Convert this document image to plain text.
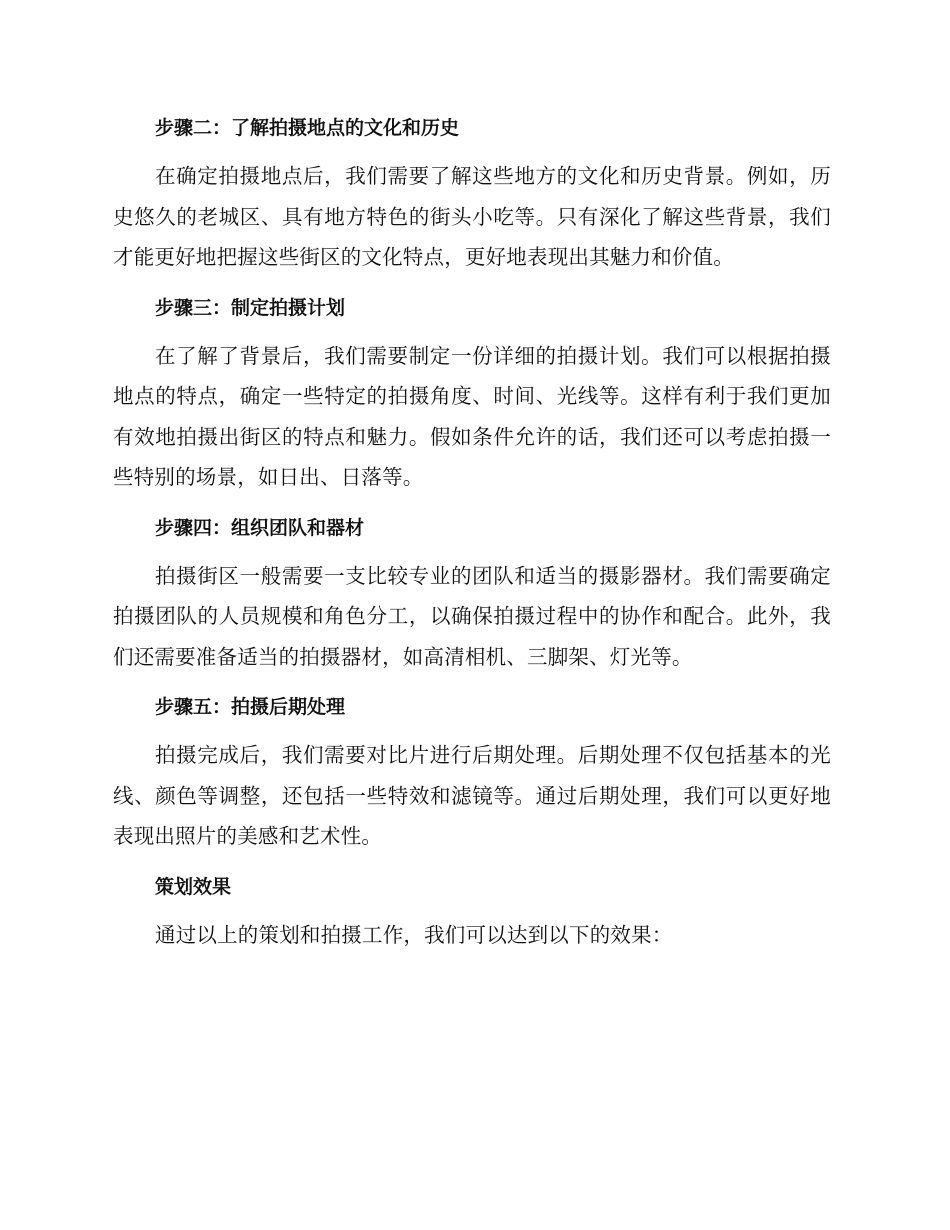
步骤二：了解拍摄地点的文化和历史

在确定拍摄地点后，我们需要了解这些地方的文化和历史背景。例如，历史悠久的老城区、具有地方特色的街头小吃等。只有深化了解这些背景，我们才能更好地把握这些街区的文化特点，更好地表现出其魅力和价值。

步骤三：制定拍摄计划

在了解了背景后，我们需要制定一份详细的拍摄计划。我们可以根据拍摄地点的特点，确定一些特定的拍摄角度、时间、光线等。这样有利于我们更加有效地拍摄出街区的特点和魅力。假如条件允许的话，我们还可以考虑拍摄一些特别的场景，如日出、日落等。

步骤四：组织团队和器材

拍摄街区一般需要一支比较专业的团队和适当的摄影器材。我们需要确定拍摄团队的人员规模和角色分工，以确保拍摄过程中的协作和配合。此外，我们还需要准备适当的拍摄器材，如高清相机、三脚架、灯光等。

步骤五：拍摄后期处理

拍摄完成后，我们需要对比片进行后期处理。后期处理不仅包括基本的光线、颜色等调整，还包括一些特效和滤镜等。通过后期处理，我们可以更好地表现出照片的美感和艺术性。

策划效果

通过以上的策划和拍摄工作，我们可以达到以下的效果：
